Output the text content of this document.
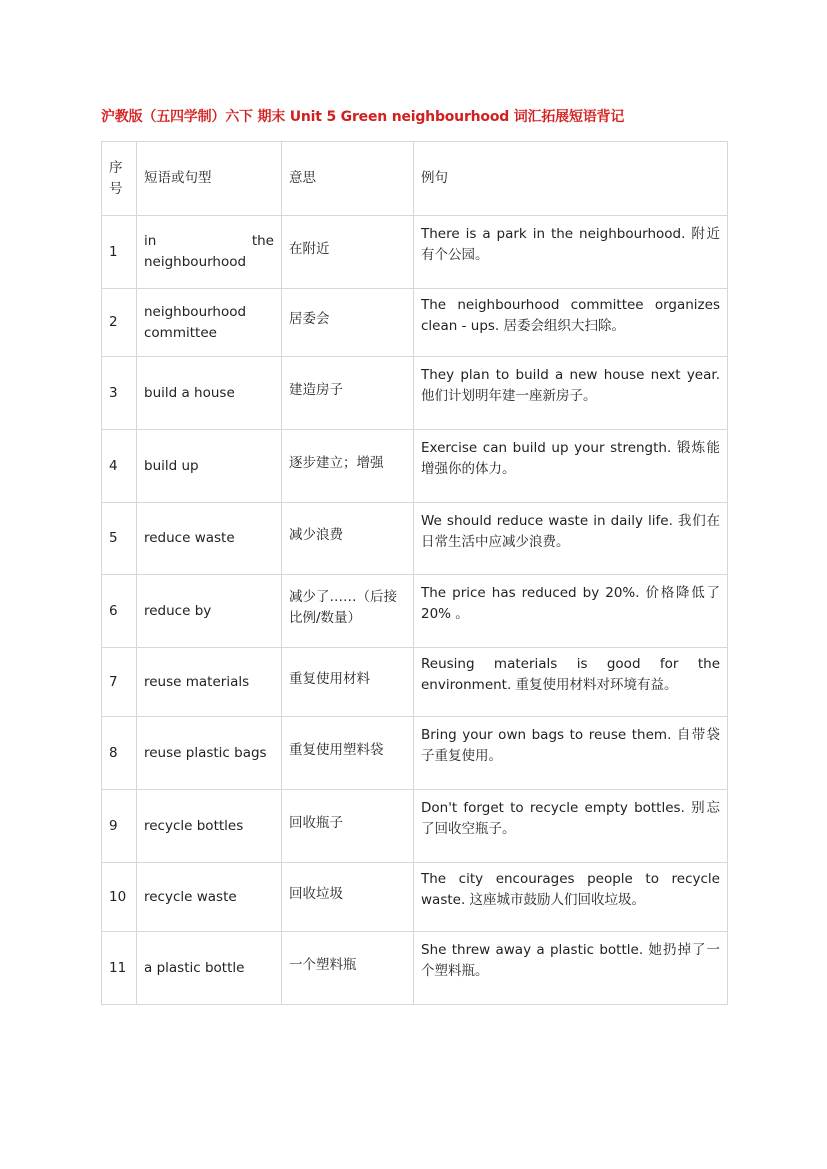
沪教版（五四学制）六下 期末 Unit 5 Green neighbourhood 词汇拓展短语背记
序号	短语或句型	意思	例句
1	in the neighbourhood	在附近	There is a park in the neighbourhood. 附近有个公园。

2	neighbourhood committee	居委会	The neighbourhood committee organizes clean - ups. 居委会组织大扫除。

3	build a house	建造房子	They plan to build a new house next year. 他们计划明年建一座新房子。

4	build up	逐步建立；增强	Exercise can build up your strength. 锻炼能增强你的体力。

5	reduce waste	减少浪费	We should reduce waste in daily life. 我们在日常生活中应减少浪费。

6	reduce by	减少了……（后接比例/数量）	The price has reduced by 20%. 价格降低了 20% 。

7	reuse materials	重复使用材料	Reusing materials is good for the environment. 重复使用材料对环境有益。

8	reuse plastic bags	重复使用塑料袋	Bring your own bags to reuse them. 自带袋子重复使用。

9	recycle bottles	回收瓶子	Don't forget to recycle empty bottles. 别忘了回收空瓶子。

10	recycle waste	回收垃圾	The city encourages people to recycle waste. 这座城市鼓励人们回收垃圾。

11	a plastic bottle	一个塑料瓶	She threw away a plastic bottle. 她扔掉了一个塑料瓶。
